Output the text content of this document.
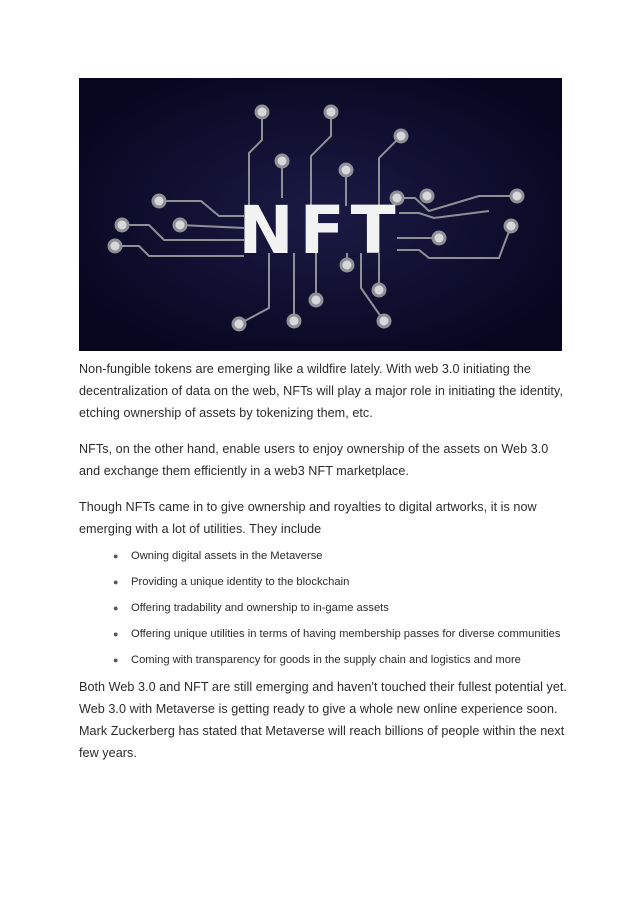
NFT

Non-fungible tokens are emerging like a wildfire lately. With web 3.0 initiating the decentralization of data on the web, NFTs will play a major role in initiating the identity, etching ownership of assets by tokenizing them, etc.

NFTs, on the other hand, enable users to enjoy ownership of the assets on Web 3.0 and exchange them efficiently in a web3 NFT marketplace.

Though NFTs came in to give ownership and royalties to digital artworks, it is now emerging with a lot of utilities. They include

● Owning digital assets in the Metaverse
● Providing a unique identity to the blockchain
● Offering tradability and ownership to in-game assets
● Offering unique utilities in terms of having membership passes for diverse communities
● Coming with transparency for goods in the supply chain and logistics and more

Both Web 3.0 and NFT are still emerging and haven't touched their fullest potential yet. Web 3.0 with Metaverse is getting ready to give a whole new online experience soon. Mark Zuckerberg has stated that Metaverse will reach billions of people within the next few years.
